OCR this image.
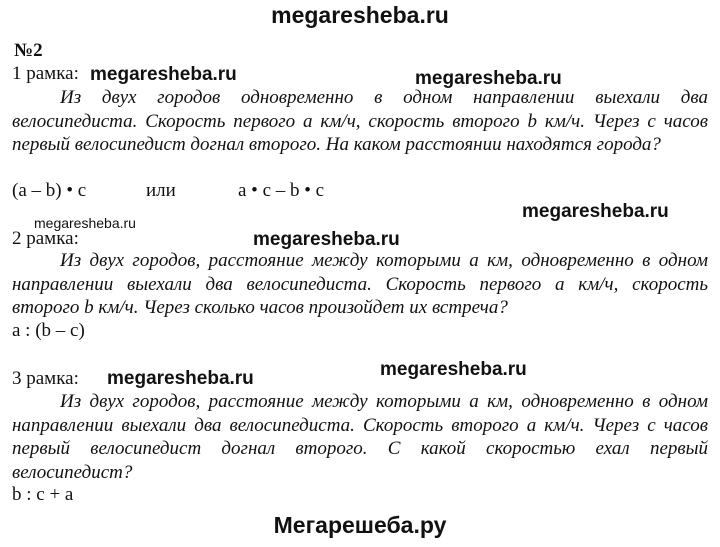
megaresheba.ru
№2
1 рамка: megaresheba.ru	megaresheba.ru

Из двух городов одновременно в одном направлении выехали два велосипедиста. Скорость первого a км/ч, скорость второго b км/ч. Через c часов первый велосипедист догнал второго. На каком расстоянии находятся города?

(a – b) • c	или	a • c – b • c
megaresheba.ru
megaresheba.ru
2 рамка:	megaresheba.ru

Из двух городов, расстояние между которыми a км, одновременно в одном направлении выехали два велосипедиста. Скорость первого a км/ч, скорость второго b км/ч. Через сколько часов произойдет их встреча?

a : (b – c)
3 рамка:	megaresheba.ru
megaresheba.ru

Из двух городов, расстояние между которыми a км, одновременно в одном направлении выехали два велосипедиста. Скорость второго a км/ч. Через c часов первый велосипедист догнал второго. С какой скоростью ехал первый велосипедист?

b : c + a
Мегарешеба.ру
